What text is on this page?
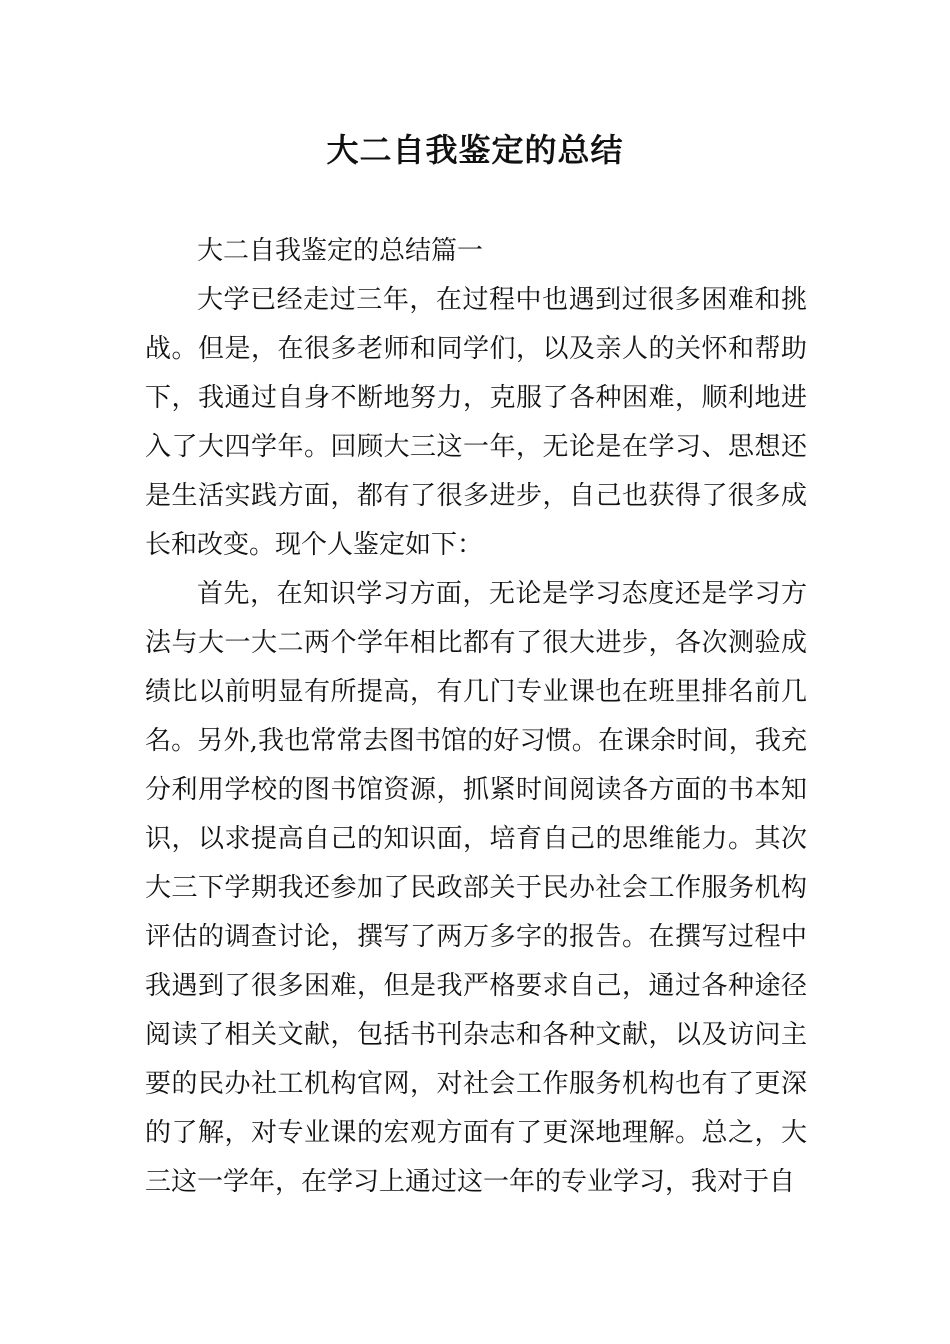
大二自我鉴定的总结

大二自我鉴定的总结篇一

大学已经走过三年，在过程中也遇到过很多困难和挑战。但是，在很多老师和同学们，以及亲人的关怀和帮助下，我通过自身不断地努力，克服了各种困难，顺利地进入了大四学年。回顾大三这一年，无论是在学习、思想还是生活实践方面，都有了很多进步，自己也获得了很多成长和改变。现个人鉴定如下：

首先，在知识学习方面，无论是学习态度还是学习方法与大一大二两个学年相比都有了很大进步，各次测验成绩比以前明显有所提高，有几门专业课也在班里排名前几名。另外,我也常常去图书馆的好习惯。在课余时间，我充分利用学校的图书馆资源，抓紧时间阅读各方面的书本知识，以求提高自己的知识面，培育自己的思维能力。其次大三下学期我还参加了民政部关于民办社会工作服务机构评估的调查讨论，撰写了两万多字的报告。在撰写过程中我遇到了很多困难，但是我严格要求自己，通过各种途径阅读了相关文献，包括书刊杂志和各种文献，以及访问主要的民办社工机构官网，对社会工作服务机构也有了更深的了解，对专业课的宏观方面有了更深地理解。总之，大三这一学年，在学习上通过这一年的专业学习，我对于自
